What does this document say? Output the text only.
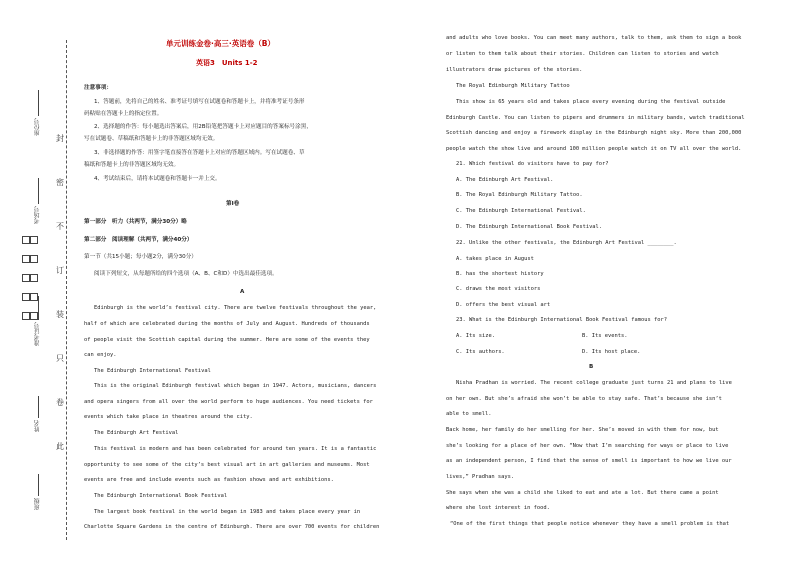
封
密
不
订
装
只
卷
此
座位号
考场号

准考证号
姓名
班级
单元训练金卷·高三·英语卷（B）
英语3　Units 1-2
注意事项：
1、答题前，先将自己的姓名、准考证号填写在试题卷和答题卡上，并将准考证号条形
码粘贴在答题卡上的指定位置。
2、选择题的作答：每小题选出答案后，用2B铅笔把答题卡上对应题目的答案标号涂黑，
写在试题卷、草稿纸和答题卡上的非答题区域均无效。
3、非选择题的作答：用签字笔直接答在答题卡上对应的答题区域内。写在试题卷、草
稿纸和答题卡上的非答题区域均无效。
4、考试结束后，请将本试题卷和答题卡一并上交。
第Ⅰ卷
第一部分　听力（共两节，满分30分）略
第二部分　阅读理解（共两节，满分40分）
第一节（共15小题；每小题2分，满分30分）
阅读下列短文，从每题所给的四个选项（A、B、C和D）中选出最佳选项。
A
Edinburgh is the world’s festival city. There are twelve festivals throughout the year,
half of which are celebrated during the months of July and August. Hundreds of thousands
of people visit the Scottish capital during the summer. Here are some of the events they
can enjoy.
The Edinburgh International Festival
This is the original Edinburgh festival which began in 1947. Actors, musicians, dancers
and opera singers from all over the world perform to huge audiences. You need tickets for
events which take place in theatres around the city.
The Edinburgh Art Festival
This festival is modern and has been celebrated for around ten years. It is a fantastic
opportunity to see some of the city’s best visual art in art galleries and museums. Most
events are free and include events such as fashion shows and art exhibitions.
The Edinburgh International Book Festival
The largest book festival in the world began in 1983 and takes place every year in
Charlotte Square Gardens in the centre of Edinburgh. There are over 700 events for children
and adults who love books. You can meet many authors, talk to them, ask them to sign a book
or listen to them talk about their stories. Children can listen to stories and watch
illustrators draw pictures of the stories.
The Royal Edinburgh Military Tattoo
This show is 65 years old and takes place every evening during the festival outside
Edinburgh Castle. You can listen to pipers and drummers in military bands, watch traditional
Scottish dancing and enjoy a firework display in the Edinburgh night sky. More than 200,000
people watch the show live and around 100 million people watch it on TV all over the world.
21. Which festival do visitors have to pay for?
A. The Edinburgh Art Festival.
B. The Royal Edinburgh Military Tattoo.
C. The Edinburgh International Festival.
D. The Edinburgh International Book Festival.
22. Unlike the other festivals, the Edinburgh Art Festival ________.
A. takes place in August
B. has the shortest history
C. draws the most visitors
D. offers the best visual art
23. What is the Edinburgh International Book Festival famous for?
A. Its size.	B. Its events.
C. Its authors.	D. Its host place.
B
Nisha Pradhan is worried. The recent college graduate just turns 21 and plans to live
on her own. But she’s afraid she won’t be able to stay safe. That’s because she isn’t
able to smell.
Back home, her family do her smelling for her. She’s moved in with them for now, but
she’s looking for a place of her own. “Now that I’m searching for ways or place to live
as an independent person, I find that the sense of smell is important to how we live our
lives,” Pradhan says.
She says when she was a child she liked to eat and ate a lot. But there came a point
where she lost interest in food.
“One of the first things that people notice whenever they have a smell problem is that
